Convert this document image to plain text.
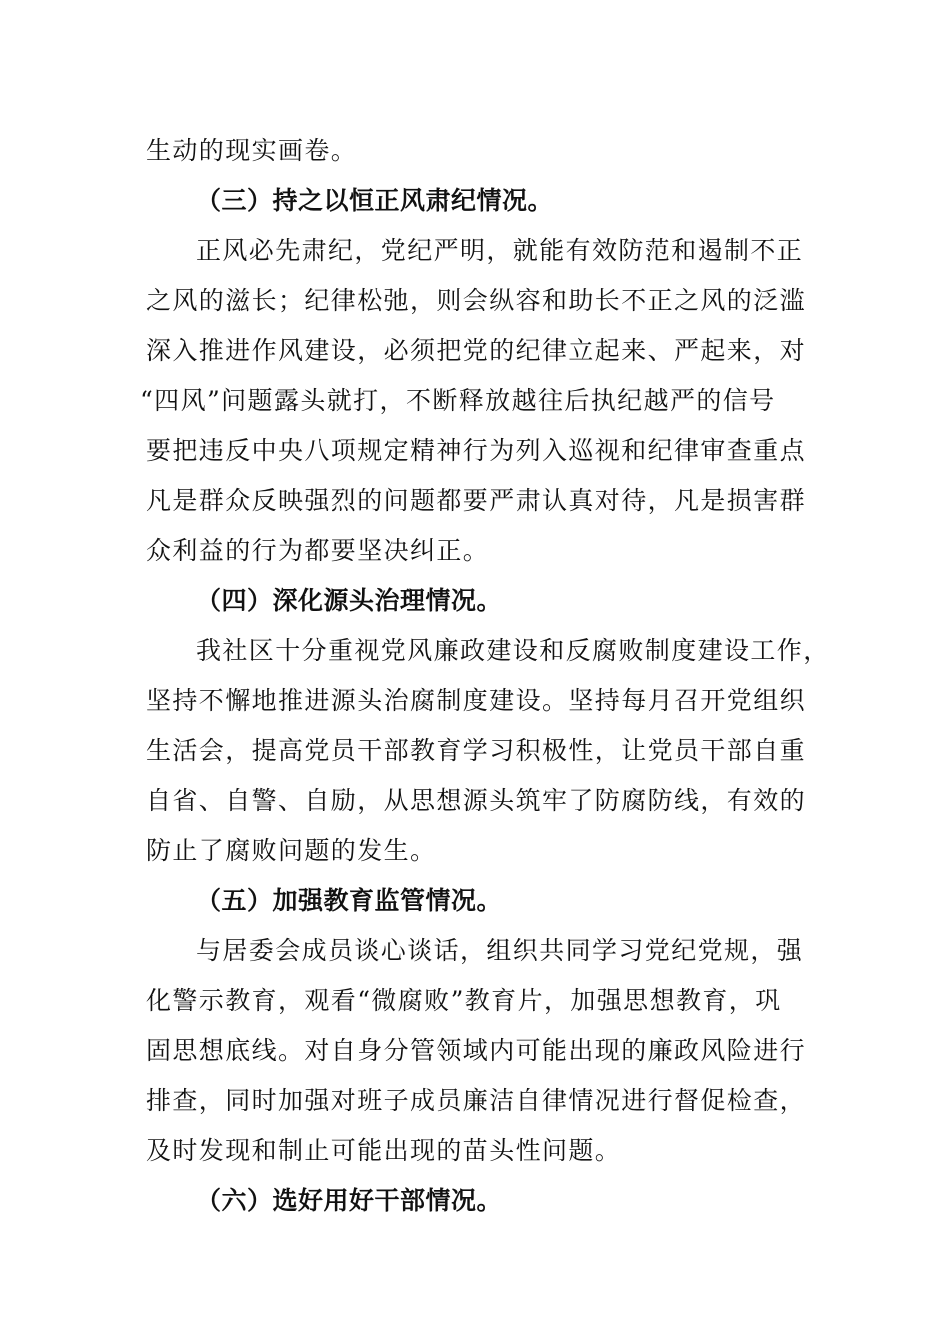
生动的现实画卷。
（三）持之以恒正风肃纪情况。
正风必先肃纪，党纪严明，就能有效防范和遏制不正
之风的滋长；纪律松弛，则会纵容和助长不正之风的泛滥
深入推进作风建设，必须把党的纪律立起来、严起来，对
“四风”问题露头就打，不断释放越往后执纪越严的信号
要把违反中央八项规定精神行为列入巡视和纪律审查重点
凡是群众反映强烈的问题都要严肃认真对待，凡是损害群
众利益的行为都要坚决纠正。
（四）深化源头治理情况。
我社区十分重视党风廉政建设和反腐败制度建设工作，
坚持不懈地推进源头治腐制度建设。坚持每月召开党组织
生活会，提高党员干部教育学习积极性，让党员干部自重
自省、自警、自励，从思想源头筑牢了防腐防线，有效的
防止了腐败问题的发生。
（五）加强教育监管情况。
与居委会成员谈心谈话，组织共同学习党纪党规，强
化警示教育，观看“微腐败”教育片，加强思想教育，巩
固思想底线。对自身分管领域内可能出现的廉政风险进行
排查，同时加强对班子成员廉洁自律情况进行督促检查，
及时发现和制止可能出现的苗头性问题。
（六）选好用好干部情况。
